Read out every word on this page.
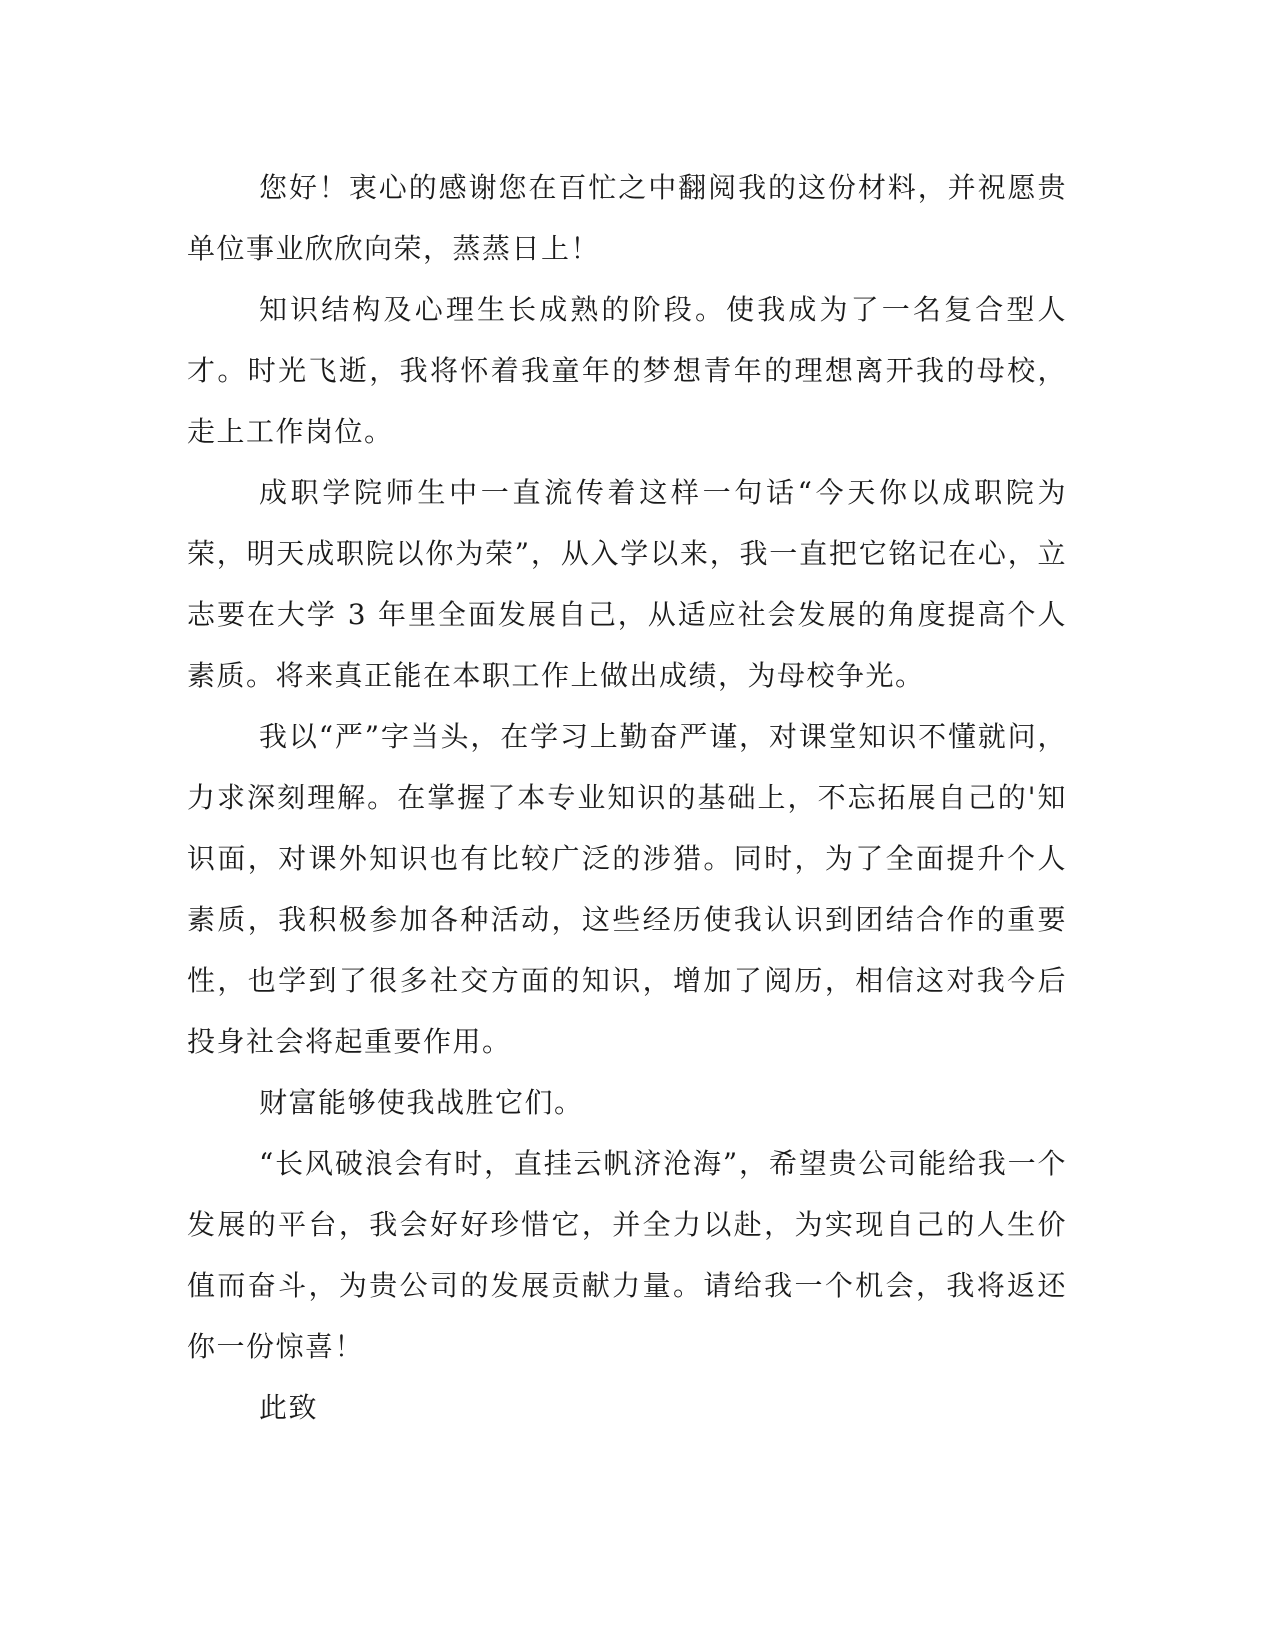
您好！衷心的感谢您在百忙之中翻阅我的这份材料，并祝愿贵单位事业欣欣向荣，蒸蒸日上！

知识结构及心理生长成熟的阶段。使我成为了一名复合型人才。时光飞逝，我将怀着我童年的梦想青年的理想离开我的母校，走上工作岗位。

成职学院师生中一直流传着这样一句话“今天你以成职院为荣，明天成职院以你为荣”，从入学以来，我一直把它铭记在心，立志要在大学 3 年里全面发展自己，从适应社会发展的角度提高个人素质。将来真正能在本职工作上做出成绩，为母校争光。

我以“严”字当头，在学习上勤奋严谨，对课堂知识不懂就问，力求深刻理解。在掌握了本专业知识的基础上，不忘拓展自己的'知识面，对课外知识也有比较广泛的涉猎。同时，为了全面提升个人素质，我积极参加各种活动，这些经历使我认识到团结合作的重要性，也学到了很多社交方面的知识，增加了阅历，相信这对我今后投身社会将起重要作用。

财富能够使我战胜它们。

“长风破浪会有时，直挂云帆济沧海”，希望贵公司能给我一个发展的平台，我会好好珍惜它，并全力以赴，为实现自己的人生价值而奋斗，为贵公司的发展贡献力量。请给我一个机会，我将返还你一份惊喜！

此致
